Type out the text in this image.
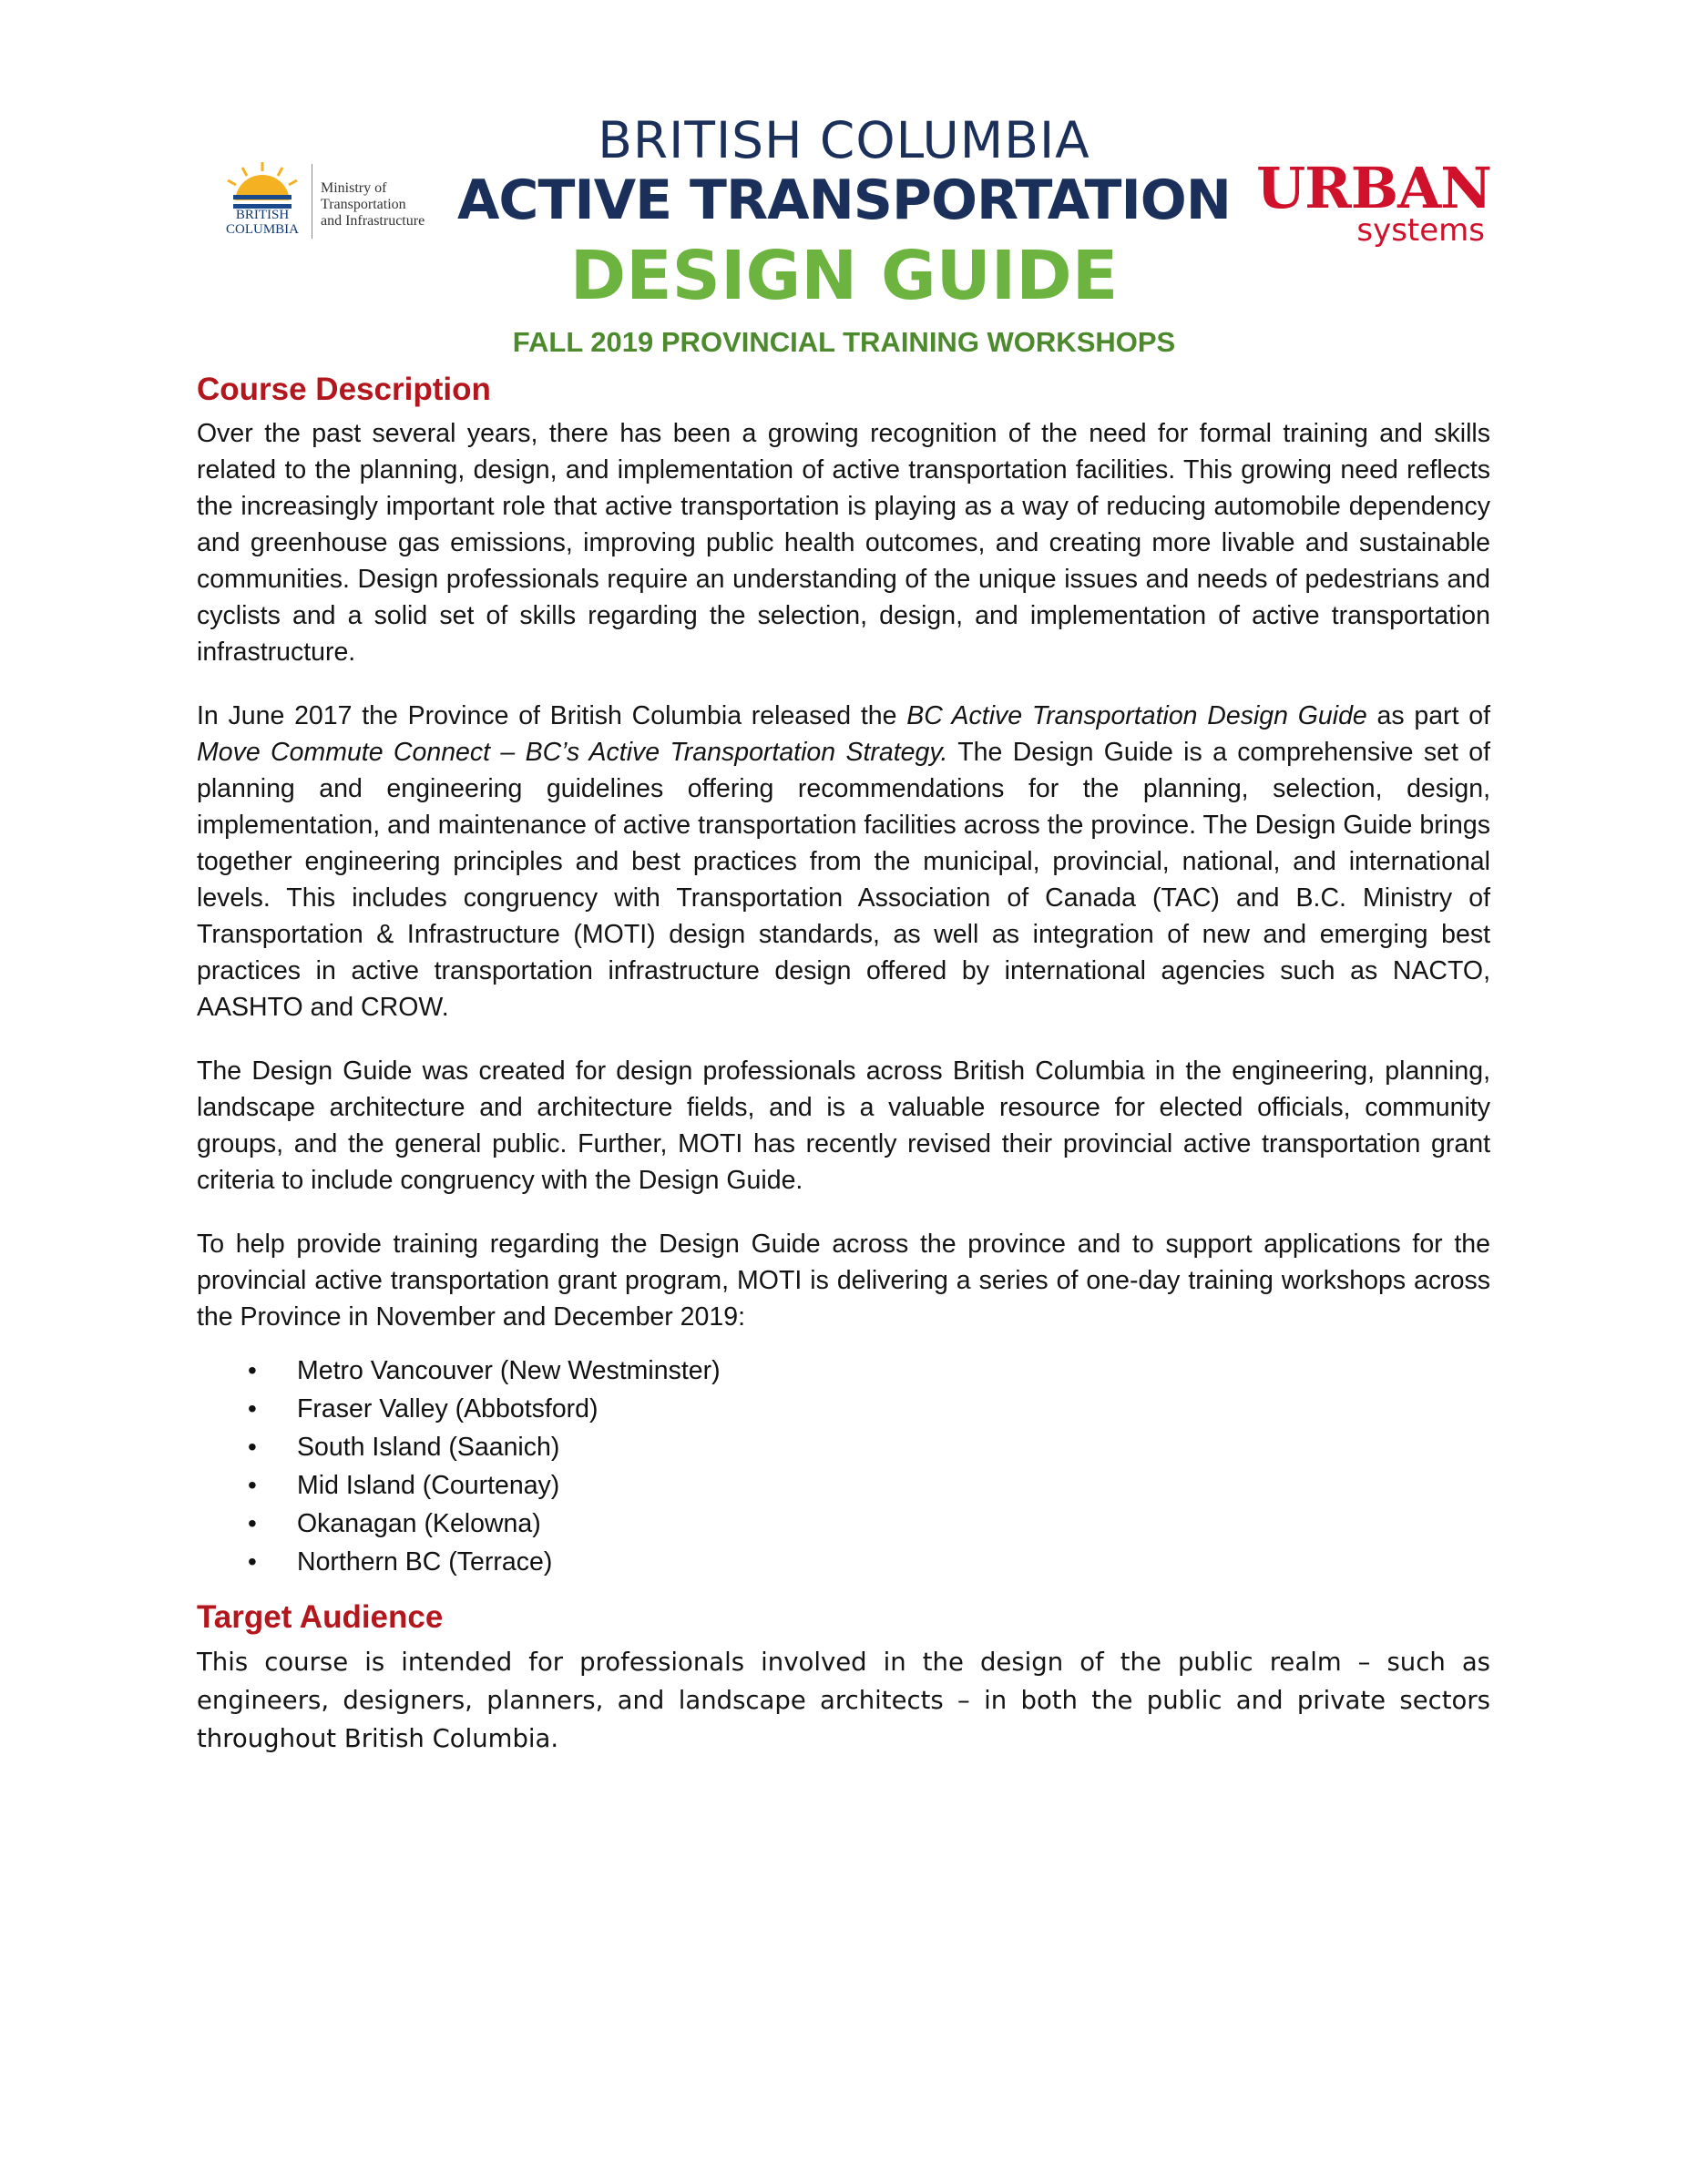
BRITISH
COLUMBIA
Ministry of
Transportation
and Infrastructure
BRITISH COLUMBIA
ACTIVE TRANSPORTATION
DESIGN GUIDE
FALL 2019 PROVINCIAL TRAINING WORKSHOPS
URBAN
systems
Course Description

Over the past several years, there has been a growing recognition of the need for formal training and skills related to the planning, design, and implementation of active transportation facilities. This growing need reflects the increasingly important role that active transportation is playing as a way of reducing automobile dependency and greenhouse gas emissions, improving public health outcomes, and creating more livable and sustainable communities. Design professionals require an understanding of the unique issues and needs of pedestrians and cyclists and a solid set of skills regarding the selection, design, and implementation of active transportation infrastructure.

In June 2017 the Province of British Columbia released the BC Active Transportation Design Guide as part of Move Commute Connect – BC’s Active Transportation Strategy. The Design Guide is a comprehensive set of planning and engineering guidelines offering recommendations for the planning, selection, design, implementation, and maintenance of active transportation facilities across the province. The Design Guide brings together engineering principles and best practices from the municipal, provincial, national, and international levels. This includes congruency with Transportation Association of Canada (TAC) and B.C. Ministry of Transportation & Infrastructure (MOTI) design standards, as well as integration of new and emerging best practices in active transportation infrastructure design offered by international agencies such as NACTO, AASHTO and CROW.

The Design Guide was created for design professionals across British Columbia in the engineering, planning, landscape architecture and architecture fields, and is a valuable resource for elected officials, community groups, and the general public. Further, MOTI has recently revised their provincial active transportation grant criteria to include congruency with the Design Guide.

To help provide training regarding the Design Guide across the province and to support applications for the provincial active transportation grant program, MOTI is delivering a series of one-day training workshops across the Province in November and December 2019:

• Metro Vancouver (New Westminster)
• Fraser Valley (Abbotsford)
• South Island (Saanich)
• Mid Island (Courtenay)
• Okanagan (Kelowna)
• Northern BC (Terrace)
Target Audience

This course is intended for professionals involved in the design of the public realm – such as engineers, designers, planners, and landscape architects – in both the public and private sectors throughout British Columbia.
